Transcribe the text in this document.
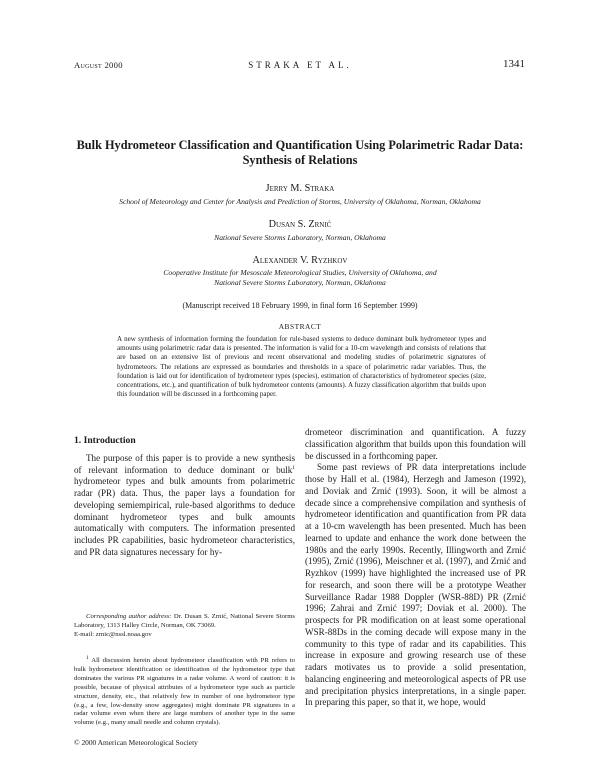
August 2000	STRAKA ET AL.	1341
Bulk Hydrometeor Classification and Quantification Using Polarimetric Radar Data:
Synthesis of Relations
Jerry M. Straka
School of Meteorology and Center for Analysis and Prediction of Storms, University of Oklahoma, Norman, Oklahoma
Dusan S. Zrnić
National Severe Storms Laboratory, Norman, Oklahoma
Alexander V. Ryzhkov
Cooperative Institute for Mesoscale Meteorological Studies, University of Oklahoma, and
National Severe Storms Laboratory, Norman, Oklahoma
(Manuscript received 18 February 1999, in final form 16 September 1999)
ABSTRACT
A new synthesis of information forming the foundation for rule-based systems to deduce dominant bulk hydrometeor types and amounts using polarimetric radar data is presented. The information is valid for a 10-cm wavelength and consists of relations that are based on an extensive list of previous and recent observational and modeling studies of polarimetric signatures of hydrometeors. The relations are expressed as boundaries and thresholds in a space of polarimetric radar variables. Thus, the foundation is laid out for identification of hydrometeor types (species), estimation of characteristics of hydrometeor species (size, concentrations, etc.), and quantification of bulk hydrometeor contents (amounts). A fuzzy classification algorithm that builds upon this foundation will be discussed in a forthcoming paper.

1. Introduction

The purpose of this paper is to provide a new synthesis of relevant information to deduce dominant or bulk$^1$ hydrometeor types and bulk amounts from polarimetric radar (PR) data. Thus, the paper lays a foundation for developing semiempirical, rule-based algorithms to deduce dominant hydrometeor types and bulk amounts automatically with computers. The information presented includes PR capabilities, basic hydrometeor characteristics, and PR data signatures necessary for hy-

Corresponding author address: Dr. Dusan S. Zrnić, National Severe Storms Laboratory, 1313 Halley Circle, Norman, OK 73069.

E-mail: zrnic@nssl.noaa.gov

$^1$ All discussion herein about hydrometeor classification with PR refers to bulk hydrometeor identification or identification of the hydrometeor type that dominates the various PR signatures in a radar volume. A word of caution: it is possible, because of physical attributes of a hydrometeor type such as particle structure, density, etc., that relatively few in number of one hydrometeor type (e.g., a few, low-density snow aggregates) might dominate PR signatures in a radar volume even when there are large numbers of another type in the same volume (e.g., many small needle and column crystals).

© 2000 American Meteorological Society

drometeor discrimination and quantification. A fuzzy classification algorithm that builds upon this foundation will be discussed in a forthcoming paper.

Some past reviews of PR data interpretations include those by Hall et al. (1984), Herzegh and Jameson (1992), and Doviak and Zrnić (1993). Soon, it will be almost a decade since a comprehensive compilation and synthesis of hydrometeor identification and quantification from PR data at a 10-cm wavelength has been presented. Much has been learned to update and enhance the work done between the 1980s and the early 1990s. Recently, Illingworth and Zrnić (1995), Zrnić (1996), Meischner et al. (1997), and Zrnić and Ryzhkov (1999) have highlighted the increased use of PR for research, and soon there will be a prototype Weather Surveillance Radar 1988 Doppler (WSR-88D) PR (Zrnić 1996; Zahrai and Zrnić 1997; Doviak et al. 2000). The prospects for PR modification on at least some operational WSR-88Ds in the coming decade will expose many in the community to this type of radar and its capabilities. This increase in exposure and growing research use of these radars motivates us to provide a solid presentation, balancing engineering and meteorological aspects of PR use and precipitation physics interpretations, in a single paper. In preparing this paper, so that it, we hope, would
